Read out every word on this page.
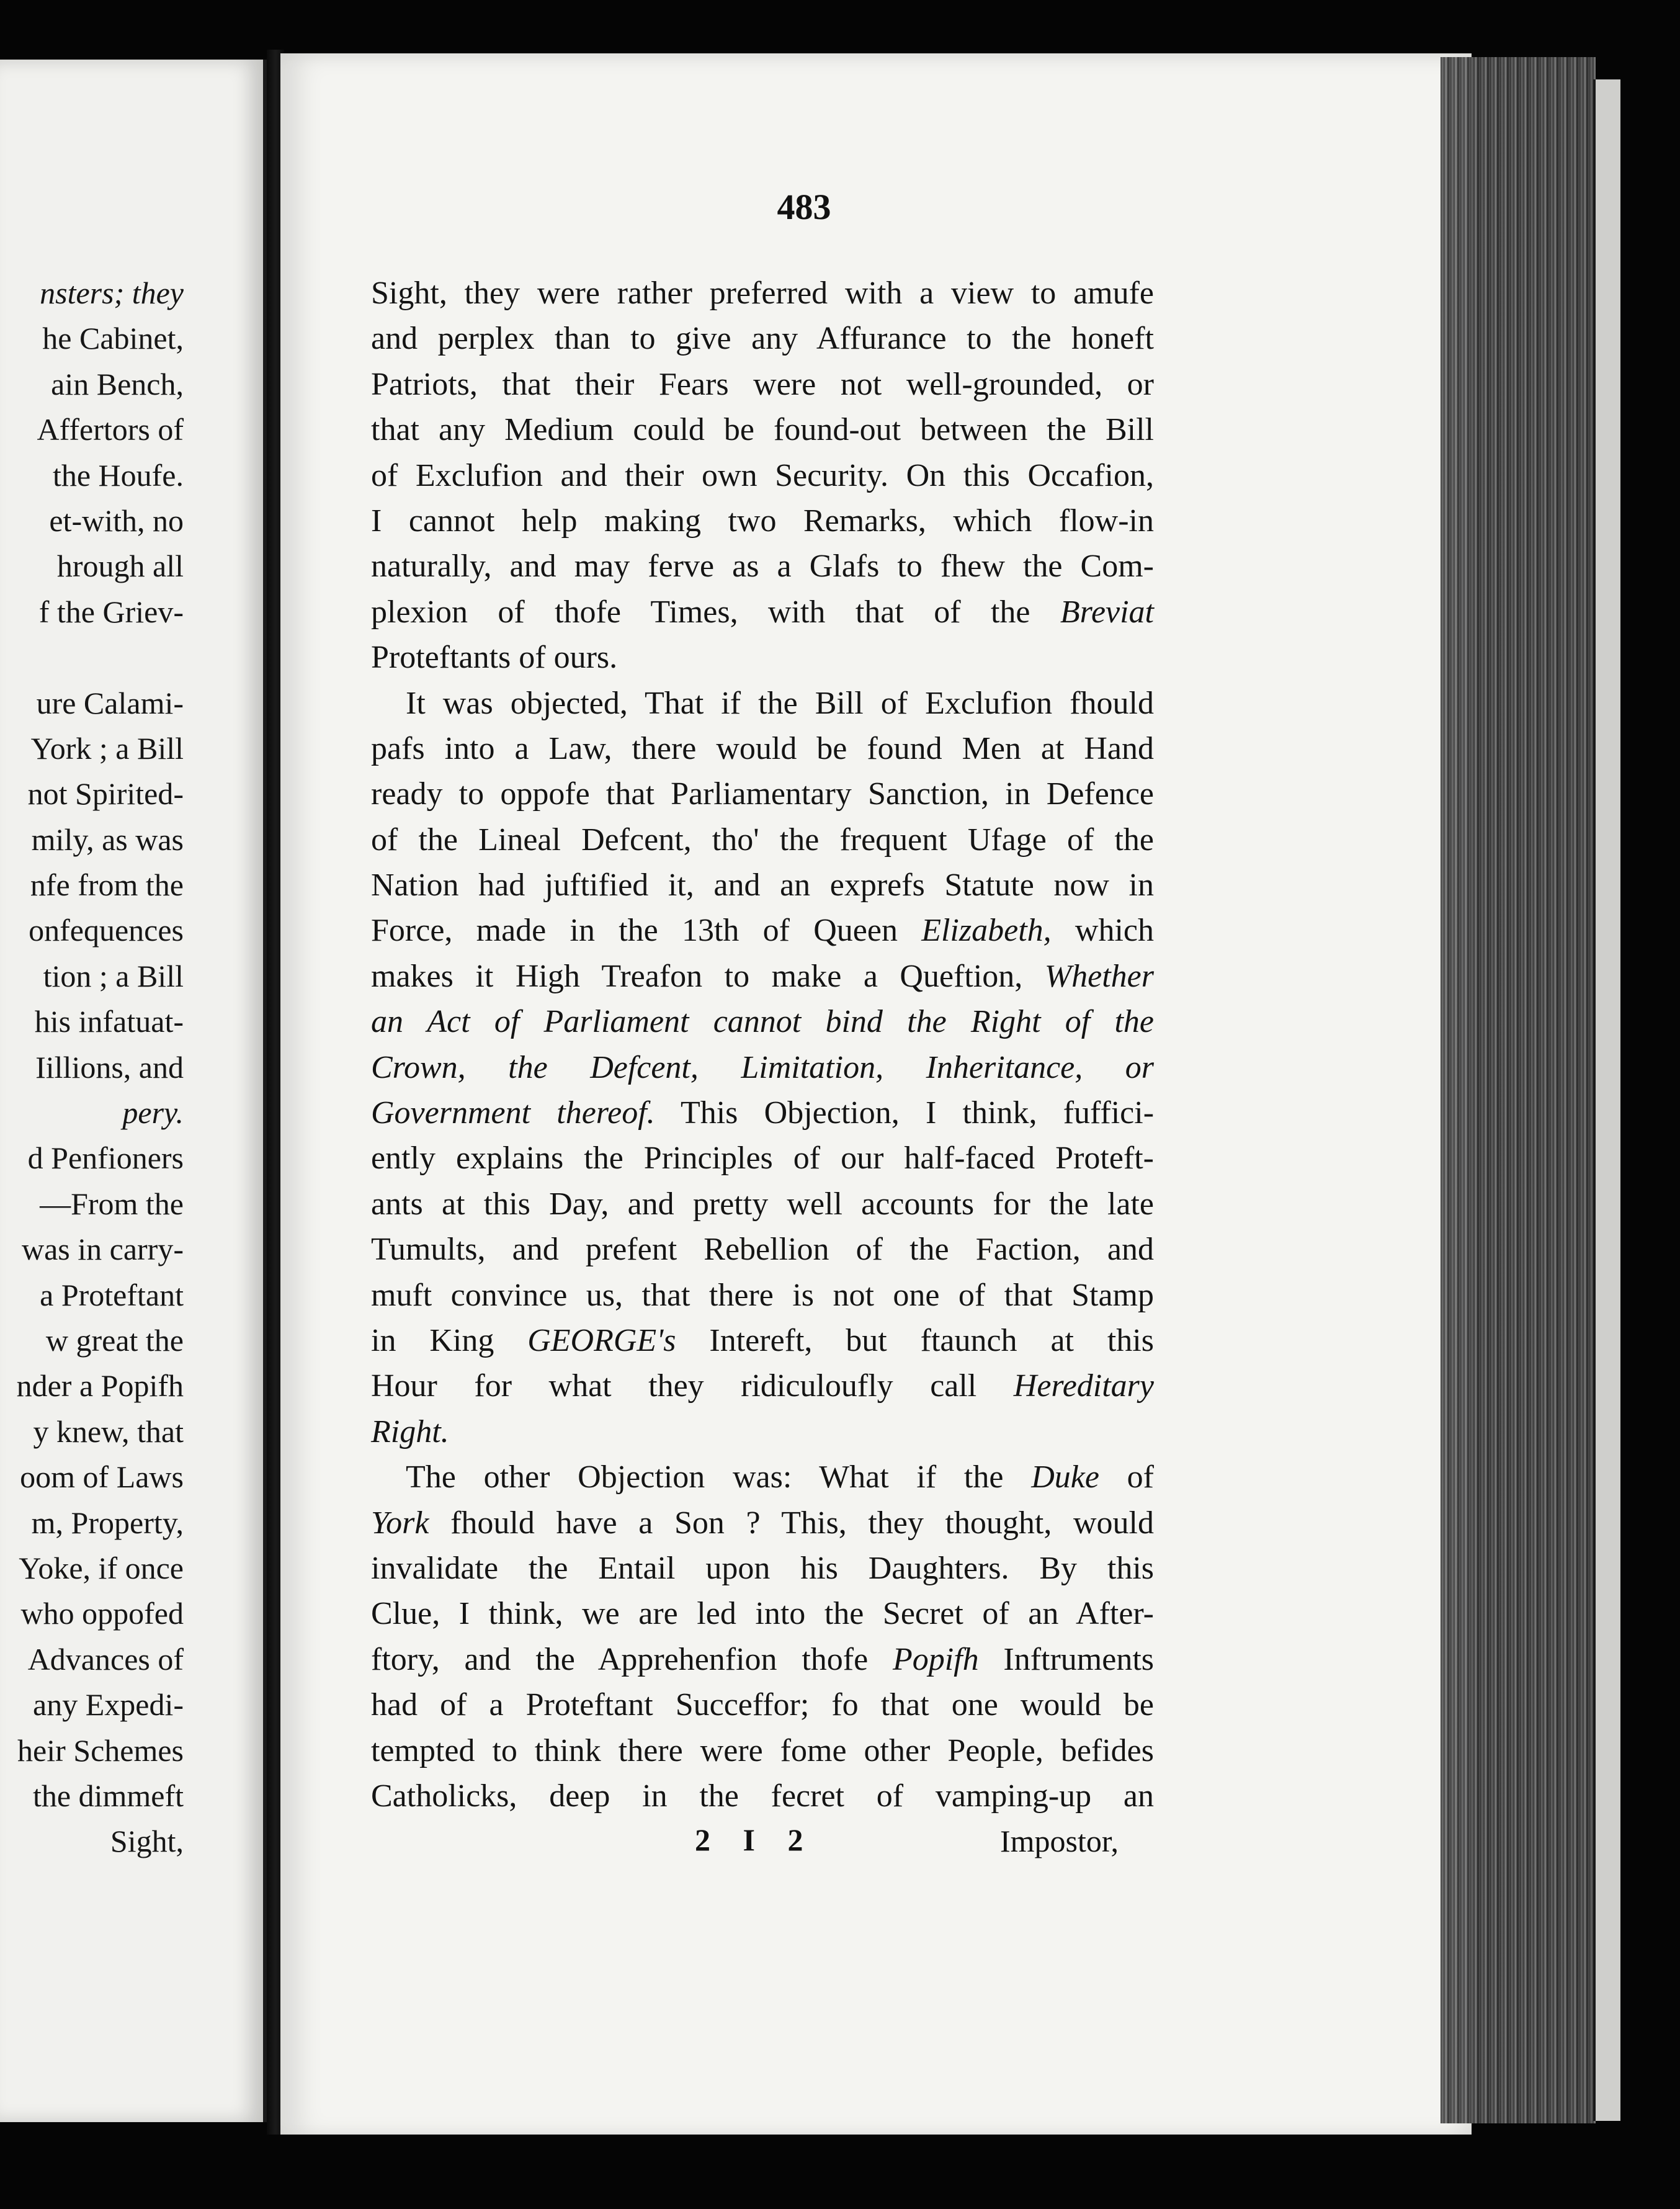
nsters; they
he Cabinet,
ain Bench,
Affertors of
the Houfe.
et-with, no
hrough all
f the Griev-
ure Calami-
York ; a Bill
not Spirited-
mily, as was
nfe from the
onfequences
tion ; a Bill
his infatuat-
Iillions, and
pery.
d Penfioners
—From the
was in carry-
a Proteftant
w great the
nder a Popifh
y knew, that
oom of Laws
m, Property,
Yoke, if once
who oppofed
Advances of
any Expedi-
heir Schemes
the dimmeft
Sight,
483
Sight, they were rather preferred with a view to amufe
and perplex than to give any Affurance to the honeft
Patriots, that their Fears were not well-grounded, or
that any Medium could be found-out between the Bill
of Exclufion and their own Security. On this Occafion,
I cannot help making two Remarks, which flow-in
naturally, and may ferve as a Glafs to fhew the Com-
plexion of thofe Times, with that of the Breviat
Proteftants of ours.
It was objected, That if the Bill of Exclufion fhould
pafs into a Law, there would be found Men at Hand
ready to oppofe that Parliamentary Sanction, in Defence
of the Lineal Defcent, tho' the frequent Ufage of the
Nation had juftified it, and an exprefs Statute now in
Force, made in the 13th of Queen Elizabeth, which
makes it High Treafon to make a Queftion, Whether
an Act of Parliament cannot bind the Right of the
Crown, the Defcent, Limitation, Inheritance, or
Government thereof. This Objection, I think, fuffici-
ently explains the Principles of our half-faced Proteft-
ants at this Day, and pretty well accounts for the late
Tumults, and prefent Rebellion of the Faction, and
muft convince us, that there is not one of that Stamp
in King GEORGE's Intereft, but ftaunch at this
Hour for what they ridiculoufly call Hereditary
Right.
The other Objection was: What if the Duke of
York fhould have a Son ? This, they thought, would
invalidate the Entail upon his Daughters. By this
Clue, I think, we are led into the Secret of an After-
ftory, and the Apprehenfion thofe Popifh Inftruments
had of a Proteftant Succeffor; fo that one would be
tempted to think there were fome other People, befides
Catholicks, deep in the fecret of vamping-up an
2 I 2	Impostor,
